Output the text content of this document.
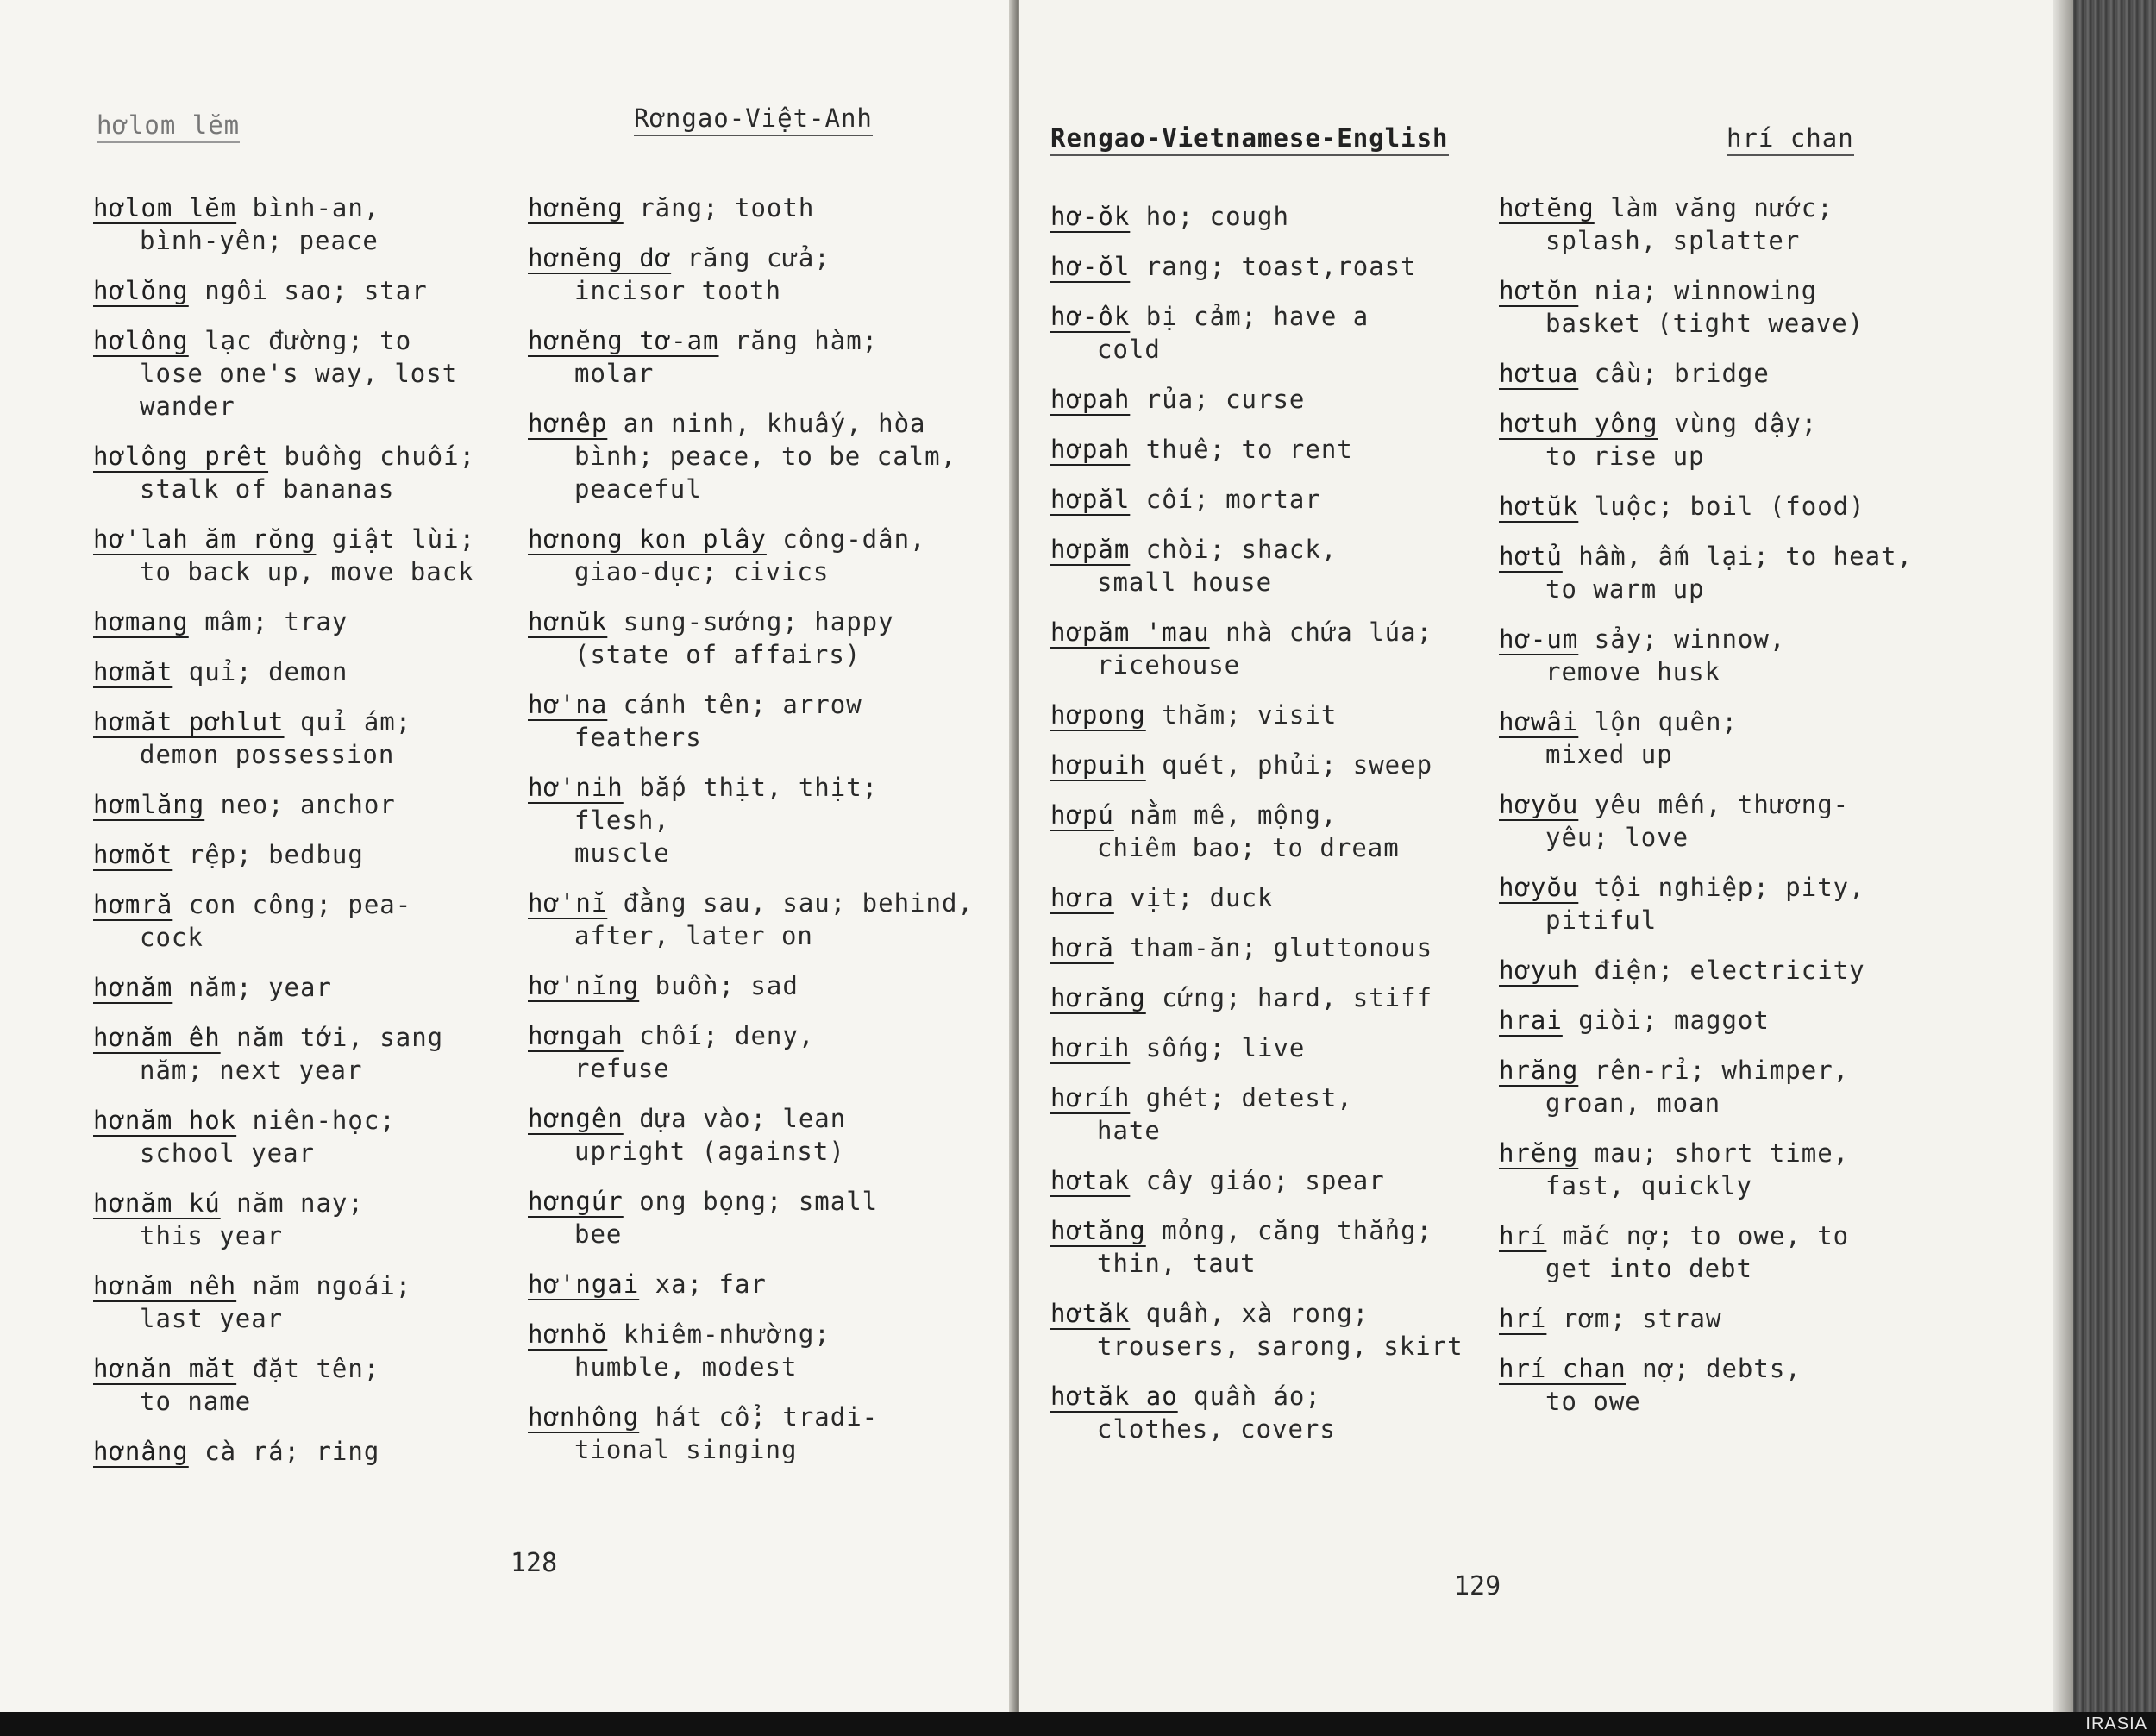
hơlom lĕm	Rơngao-Việt-Anh
hơlom lĕm bình-an,
bình-yên; peace
hơlŏng ngôi sao; star
hơlông lạc đường; to
lose one's way, lost
wander
hơlông prêt buồng chuối;
stalk of bananas
hơ'lah ăm rŏng giật lùi;
to back up, move back
hơmang mâm; tray
hơmăt quỉ; demon
hơmăt pơhlut quỉ ám;
demon possession
hơmlăng neo; anchor
hơmŏt rệp; bedbug
hơmră con công; pea-
cock
hơnăm năm; year
hơnăm êh năm tới, sang
năm; next year
hơnăm hok niên-học;
school year
hơnăm kú năm nay;
this year
hơnăm nêh năm ngoái;
last year
hơnăn măt đặt tên;
to name
hơnâng cà rá; ring
hơnĕng răng; tooth
hơnĕng dơ răng cửa;
incisor tooth
hơnĕng tơ-am răng hàm;
molar
hơnêp an ninh, khuấy, hòa
bình; peace, to be calm,
peaceful
hơnong kon plây công-dân,
giao-dục; civics
hơnŭk sung-sướng; happy
(state of affairs)
hơ'na cánh tên; arrow
feathers
hơ'nih bắp thịt, thịt; flesh,
muscle
hơ'nĭ đằng sau, sau; behind,
after, later on
hơ'nĭng buồn; sad
hơngah chối; deny,
refuse
hơngên dựa vào; lean
upright (against)
hơngúr ong bọng; small
bee
hơ'ngai xa; far
hơnhŏ khiêm-nhường;
humble, modest
hơnhông hát cổ; tradi-
tional singing
128
Rengao-Vietnamese-English	hrí chan
hơ-ŏk ho; cough
hơ-ŏl rang; toast,roast
hơ-ôk bị cảm; have a
cold
hơpah rủa; curse
hơpah thuê; to rent
hơpăl cối; mortar
hơpăm chòi; shack,
small house
hơpăm 'mau nhà chứa lúa;
ricehouse
hơpong thăm; visit
hơpuih quét, phủi; sweep
hơpú nằm mê, mộng,
chiêm bao; to dream
hơra vịt; duck
hơră tham-ăn; gluttonous
hơrăng cứng; hard, stiff
hơrih sống; live
hơríh ghét; detest,
hate
hơtak cây giáo; spear
hơtăng mỏng, căng thẳng;
thin, taut
hơtăk quần, xà rong;
trousers, sarong, skirt
hơtăk ao quần áo;
clothes, covers
hơtĕng làm văng nước;
splash, splatter
hơtŏn nia; winnowing
basket (tight weave)
hơtua cầu; bridge
hơtuh yông vùng dậy;
to rise up
hơtŭk luộc; boil (food)
hơtủ hầm, ấm lại; to heat,
to warm up
hơ-um sảy; winnow,
remove husk
hơwâi lộn quên;
mixed up
hơyŏu yêu mến, thương-
yêu; love
hơyŏu tội nghiệp; pity,
pitiful
hơyuh điện; electricity
hrai giòi; maggot
hrăng rên-rỉ; whimper,
groan, moan
hrĕng mau; short time,
fast, quickly
hrí mắc nợ; to owe, to
get into debt
hrí rơm; straw
hrí chan nợ; debts,
to owe
129
IRASIA
